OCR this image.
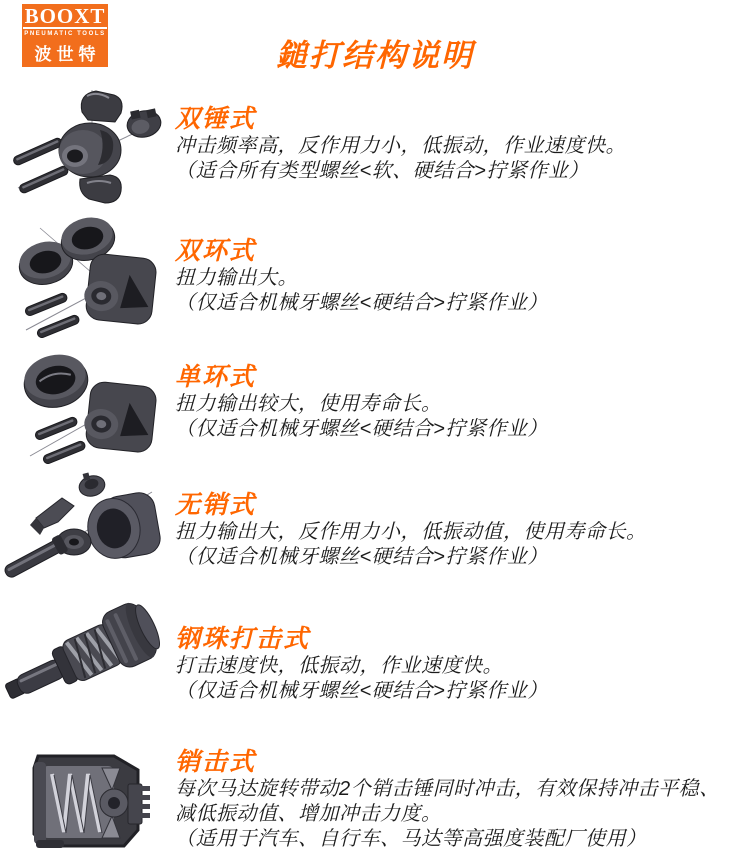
BOOXT ®
PNEUMATIC TOOLS
波世特	鎚打结构说明
双锤式
冲击频率高，反作用力小，低振动，作业速度快。
（适合所有类型螺丝<软、硬结合>拧紧作业）
双环式
扭力输出大。
（仅适合机械牙螺丝<硬结合>拧紧作业）
单环式
扭力输出较大，使用寿命长。
（仅适合机械牙螺丝<硬结合>拧紧作业）
无销式
扭力输出大，反作用力小，低振动值，使用寿命长。
（仅适合机械牙螺丝<硬结合>拧紧作业）
钢珠打击式
打击速度快，低振动，作业速度快。
（仅适合机械牙螺丝<硬结合>拧紧作业）
销击式
每次马达旋转带动2个销击锤同时冲击，有效保持冲击平稳、
减低振动值、增加冲击力度。
（适用于汽车、自行车、马达等高强度装配厂使用）
